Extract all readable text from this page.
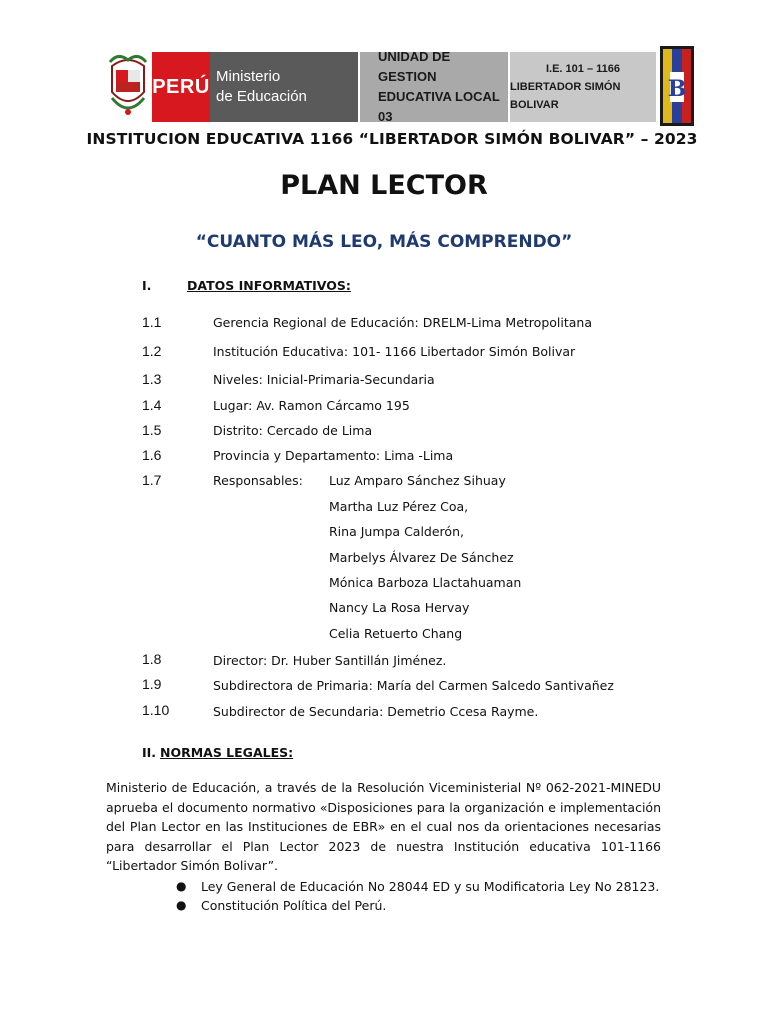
PERÚ Ministerio
de Educación
UNIDAD DE GESTION
EDUCATIVA LOCAL 03
I.E. 101 – 1166
LIBERTADOR SIMÓN BOLIVAR
B
INSTITUCION EDUCATIVA 1166 “LIBERTADOR SIMÓN BOLIVAR” – 2023
PLAN LECTOR
“CUANTO MÁS LEO, MÁS COMPRENDO”
I.	DATOS INFORMATIVOS:
1.1	Gerencia Regional de Educación: DRELM-Lima Metropolitana
1.2	Institución Educativa: 101- 1166 Libertador Simón Bolivar
1.3	Niveles: Inicial-Primaria-Secundaria
1.4	Lugar: Av. Ramon Cárcamo 195
1.5	Distrito: Cercado de Lima
1.6	Provincia y Departamento: Lima -Lima
1.7	Responsables: Luz Amparo Sánchez Sihuay
Martha Luz Pérez Coa,
Rina Jumpa Calderón,
Marbelys Álvarez De Sánchez
Mónica Barboza Llactahuaman
Nancy La Rosa Hervay
Celia Retuerto Chang
1.8	Director: Dr. Huber Santillán Jiménez.
1.9	Subdirectora de Primaria: María del Carmen Salcedo Santivañez
1.10	Subdirector de Secundaria: Demetrio Ccesa Rayme.
II. NORMAS LEGALES:
Ministerio de Educación, a través de la Resolución Viceministerial Nº 062-2021-MINEDU aprueba el documento normativo «Disposiciones para la organización e implementación del Plan Lector en las Instituciones de EBR» en el cual nos da orientaciones necesarias para desarrollar el Plan Lector 2023 de nuestra Institución educativa 101-1166 “Libertador Simón Bolivar”.
● Ley General de Educación No 28044 ED y su Modificatoria Ley No 28123.
● Constitución Política del Perú.
